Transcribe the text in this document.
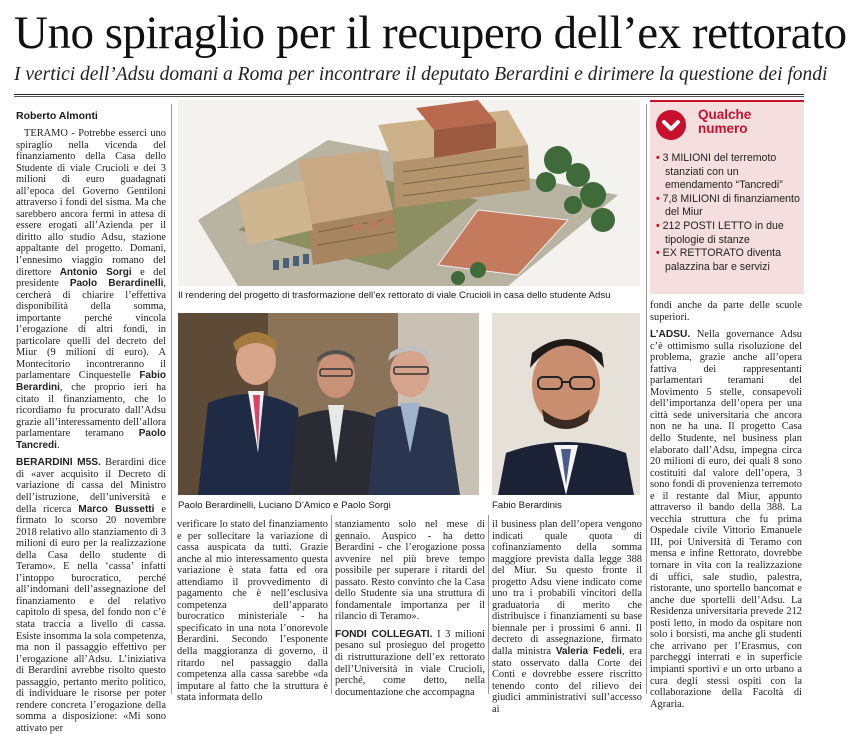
Uno spiraglio per il recupero dell’ex rettorato
I vertici dell’Adsu domani a Roma per incontrare il deputato Berardini e dirimere la questione dei fondi
Roberto Almonti

TERAMO - Potrebbe esserci uno spiraglio nella vicenda del finanziamento della Casa dello Studente di viale Crucioli e dei 3 milioni di euro guadagnati all’epoca del Governo Gentiloni attraverso i fondi del sisma. Ma che sarebbero ancora fermi in attesa di essere erogati all’Azienda per il diritto allo studio Adsu, stazione appaltante del progetto. Domani, l’ennesimo viaggio romano del direttore Antonio Sorgi e del presidente Paolo Berardinelli, cercherà di chiarire l’effettiva disponibilità della somma, importante perché vincola l’erogazione di altri fondi, in particolare quelli del decreto del Miur (9 milioni di euro). A Montecitorio incontreranno il parlamentare Cinquestelle Fabio Berardini, che proprio ieri ha citato il finanziamento, che lo ricordiamo fu procurato dall’Adsu grazie all’interessamento dell’allora parlamentare teramano Paolo Tancredi.

BERARDINI M5S. Berardini dice di «aver acquisito il Decreto di variazione di cassa del Ministro dell’istruzione, dell’università e della ricerca Marco Bussetti e firmato lo scorso 20 novembre 2018 relativo allo stanziamento di 3 milioni di euro per la realizzazione della Casa dello studente di Teramo». E nella ‘cassa’ infatti l’intoppo burocratico, perché all’indomani dell’assegnazione del finanziamento e del relativo capitolo di spesa, del fondo non c’è stata traccia a livello di cassa. Esiste insomma la sola competenza, ma non il passaggio effettivo per l’erogazione all’Adsu. L’iniziativa di Berardini avrebbe risolto questo passaggio, pertanto merito politico, di individuare le risorse per poter rendere concreta l’erogazione della somma a disposizione: «Mi sono attivato per

Il rendering del progetto di trasformazione dell’ex rettorato di viale Crucioli in casa dello studente Adsu
Paolo Berardinelli, Luciano D’Amico e Paolo Sorgi	Fabio Berardinis
Qualche
numero
• 3 MILIONI del terremoto stanziati con un emendamento “Tancredi”
• 7,8 MILIONI di finanziamento del Miur
• 212 POSTI LETTO in due tipologie di stanze
• EX RETTORATO diventa palazzina bar e servizi

verificare lo stato del finanziamento e per sollecitare la variazione di cassa auspicata da tutti. Grazie anche al mio interessamento questa variazione è stata fatta ed ora attendiamo il provvedimento di pagamento che è nell’esclusiva competenza dell’apparato burocratico ministeriale - ha specificato in una nota l’onorevole Berardini. Secondo l’esponente della maggioranza di governo, il ritardo nel passaggio dalla competenza alla cassa sarebbe «da imputare al fatto che la struttura è stata informata dello

stanziamento solo nel mese di gennaio. Auspico - ha detto Berardini - che l’erogazione possa avvenire nel più breve tempo possibile per superare i ritardi del passato. Resto convinto che la Casa dello Studente sia una struttura di fondamentale importanza per il rilancio di Teramo».

FONDI COLLEGATI. I 3 milioni pesano sul prosieguo del progetto di ristrutturazione dell’ex rettorato dell’Università in viale Crucioli, perché, come detto, nella documentazione che accompagna

il business plan dell’opera vengono indicati quale quota di cofinanziamento della somma maggiore prevista dalla legge 388 del Miur. Su questo fronte il progetto Adsu viene indicato come uno tra i probabili vincitori della graduatoria di merito che distribuisce i finanziamenti su base biennale per i prossimi 6 anni. Il decreto di assegnazione, firmato dalla ministra Valeria Fedeli, era stato osservato dalla Corte dei Conti e dovrebbe essere riscritto tenendo conto del rilievo dei giudici amministrativi sull’accesso ai

fondi anche da parte delle scuole superiori.

L’ADSU. Nella governance Adsu c’è ottimismo sulla risoluzione del problema, grazie anche all’opera fattiva dei rappresentanti parlamentari teramani del Movimento 5 stelle, consapevoli dell’importanza dell’opera per una città sede universitaria che ancora non ne ha una. Il progetto Casa dello Studente, nel business plan elaborato dall’Adsu, impegna circa 20 milioni di euro, dei quali 8 sono costituiti dal valore dell’opera, 3 sono fondi di provenienza terremoto e il restante dal Miur, appunto attraverso il bando della 388. La vecchia struttura che fu prima Ospedale civile Vittorio Emanuele III, poi Università di Teramo con mensa e infine Rettorato, dovrebbe tornare in vita con la realizzazione di uffici, sale studio, palestra, ristorante, uno sportello bancomat e anche due sportelli dell’Adsu. La Residenza universitaria prevede 212 posti letto, in modo da ospitare non solo i borsisti, ma anche gli studenti che arrivano per l’Erasmus, con parcheggi interrati e in superficie impianti sportivi e un orto urbano a cura degli stessi ospiti con la collaborazione della Facoltà di Agraria.
